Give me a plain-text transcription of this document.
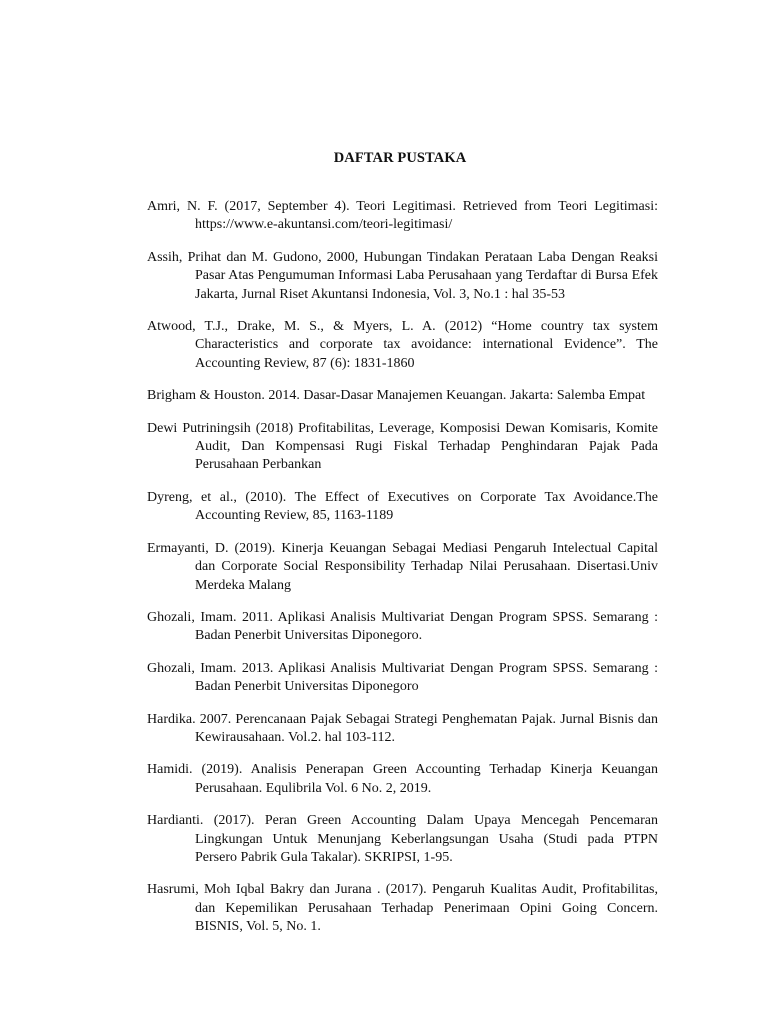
DAFTAR PUSTAKA

Amri, N. F. (2017, September 4). Teori Legitimasi. Retrieved from Teori Legitimasi: https://www.e-akuntansi.com/teori-legitimasi/

Assih, Prihat dan M. Gudono, 2000, Hubungan Tindakan Perataan Laba Dengan Reaksi Pasar Atas Pengumuman Informasi Laba Perusahaan yang Terdaftar di Bursa Efek Jakarta, Jurnal Riset Akuntansi Indonesia, Vol. 3, No.1 : hal 35-53

Atwood, T.J., Drake, M. S., & Myers, L. A. (2012) “Home country tax system Characteristics and corporate tax avoidance: international Evidence”. The Accounting Review, 87 (6): 1831-1860

Brigham & Houston. 2014. Dasar-Dasar Manajemen Keuangan. Jakarta: Salemba Empat

Dewi Putriningsih (2018) Profitabilitas, Leverage, Komposisi Dewan Komisaris, Komite Audit, Dan Kompensasi Rugi Fiskal Terhadap Penghindaran Pajak Pada Perusahaan Perbankan

Dyreng, et al., (2010). The Effect of Executives on Corporate Tax Avoidance.The Accounting Review, 85, 1163-1189

Ermayanti, D. (2019). Kinerja Keuangan Sebagai Mediasi Pengaruh Intelectual Capital dan Corporate Social Responsibility Terhadap Nilai Perusahaan. Disertasi.Univ Merdeka Malang

Ghozali, Imam. 2011. Aplikasi Analisis Multivariat Dengan Program SPSS. Semarang : Badan Penerbit Universitas Diponegoro.

Ghozali, Imam. 2013. Aplikasi Analisis Multivariat Dengan Program SPSS. Semarang : Badan Penerbit Universitas Diponegoro

Hardika. 2007. Perencanaan Pajak Sebagai Strategi Penghematan Pajak. Jurnal Bisnis dan Kewirausahaan. Vol.2. hal 103-112.

Hamidi. (2019). Analisis Penerapan Green Accounting Terhadap Kinerja Keuangan Perusahaan. Equlibrila Vol. 6 No. 2, 2019.

Hardianti. (2017). Peran Green Accounting Dalam Upaya Mencegah Pencemaran Lingkungan Untuk Menunjang Keberlangsungan Usaha (Studi pada PTPN Persero Pabrik Gula Takalar). SKRIPSI, 1-95.

Hasrumi, Moh Iqbal Bakry dan Jurana . (2017). Pengaruh Kualitas Audit, Profitabilitas, dan Kepemilikan Perusahaan Terhadap Penerimaan Opini Going Concern. BISNIS, Vol. 5, No. 1.
